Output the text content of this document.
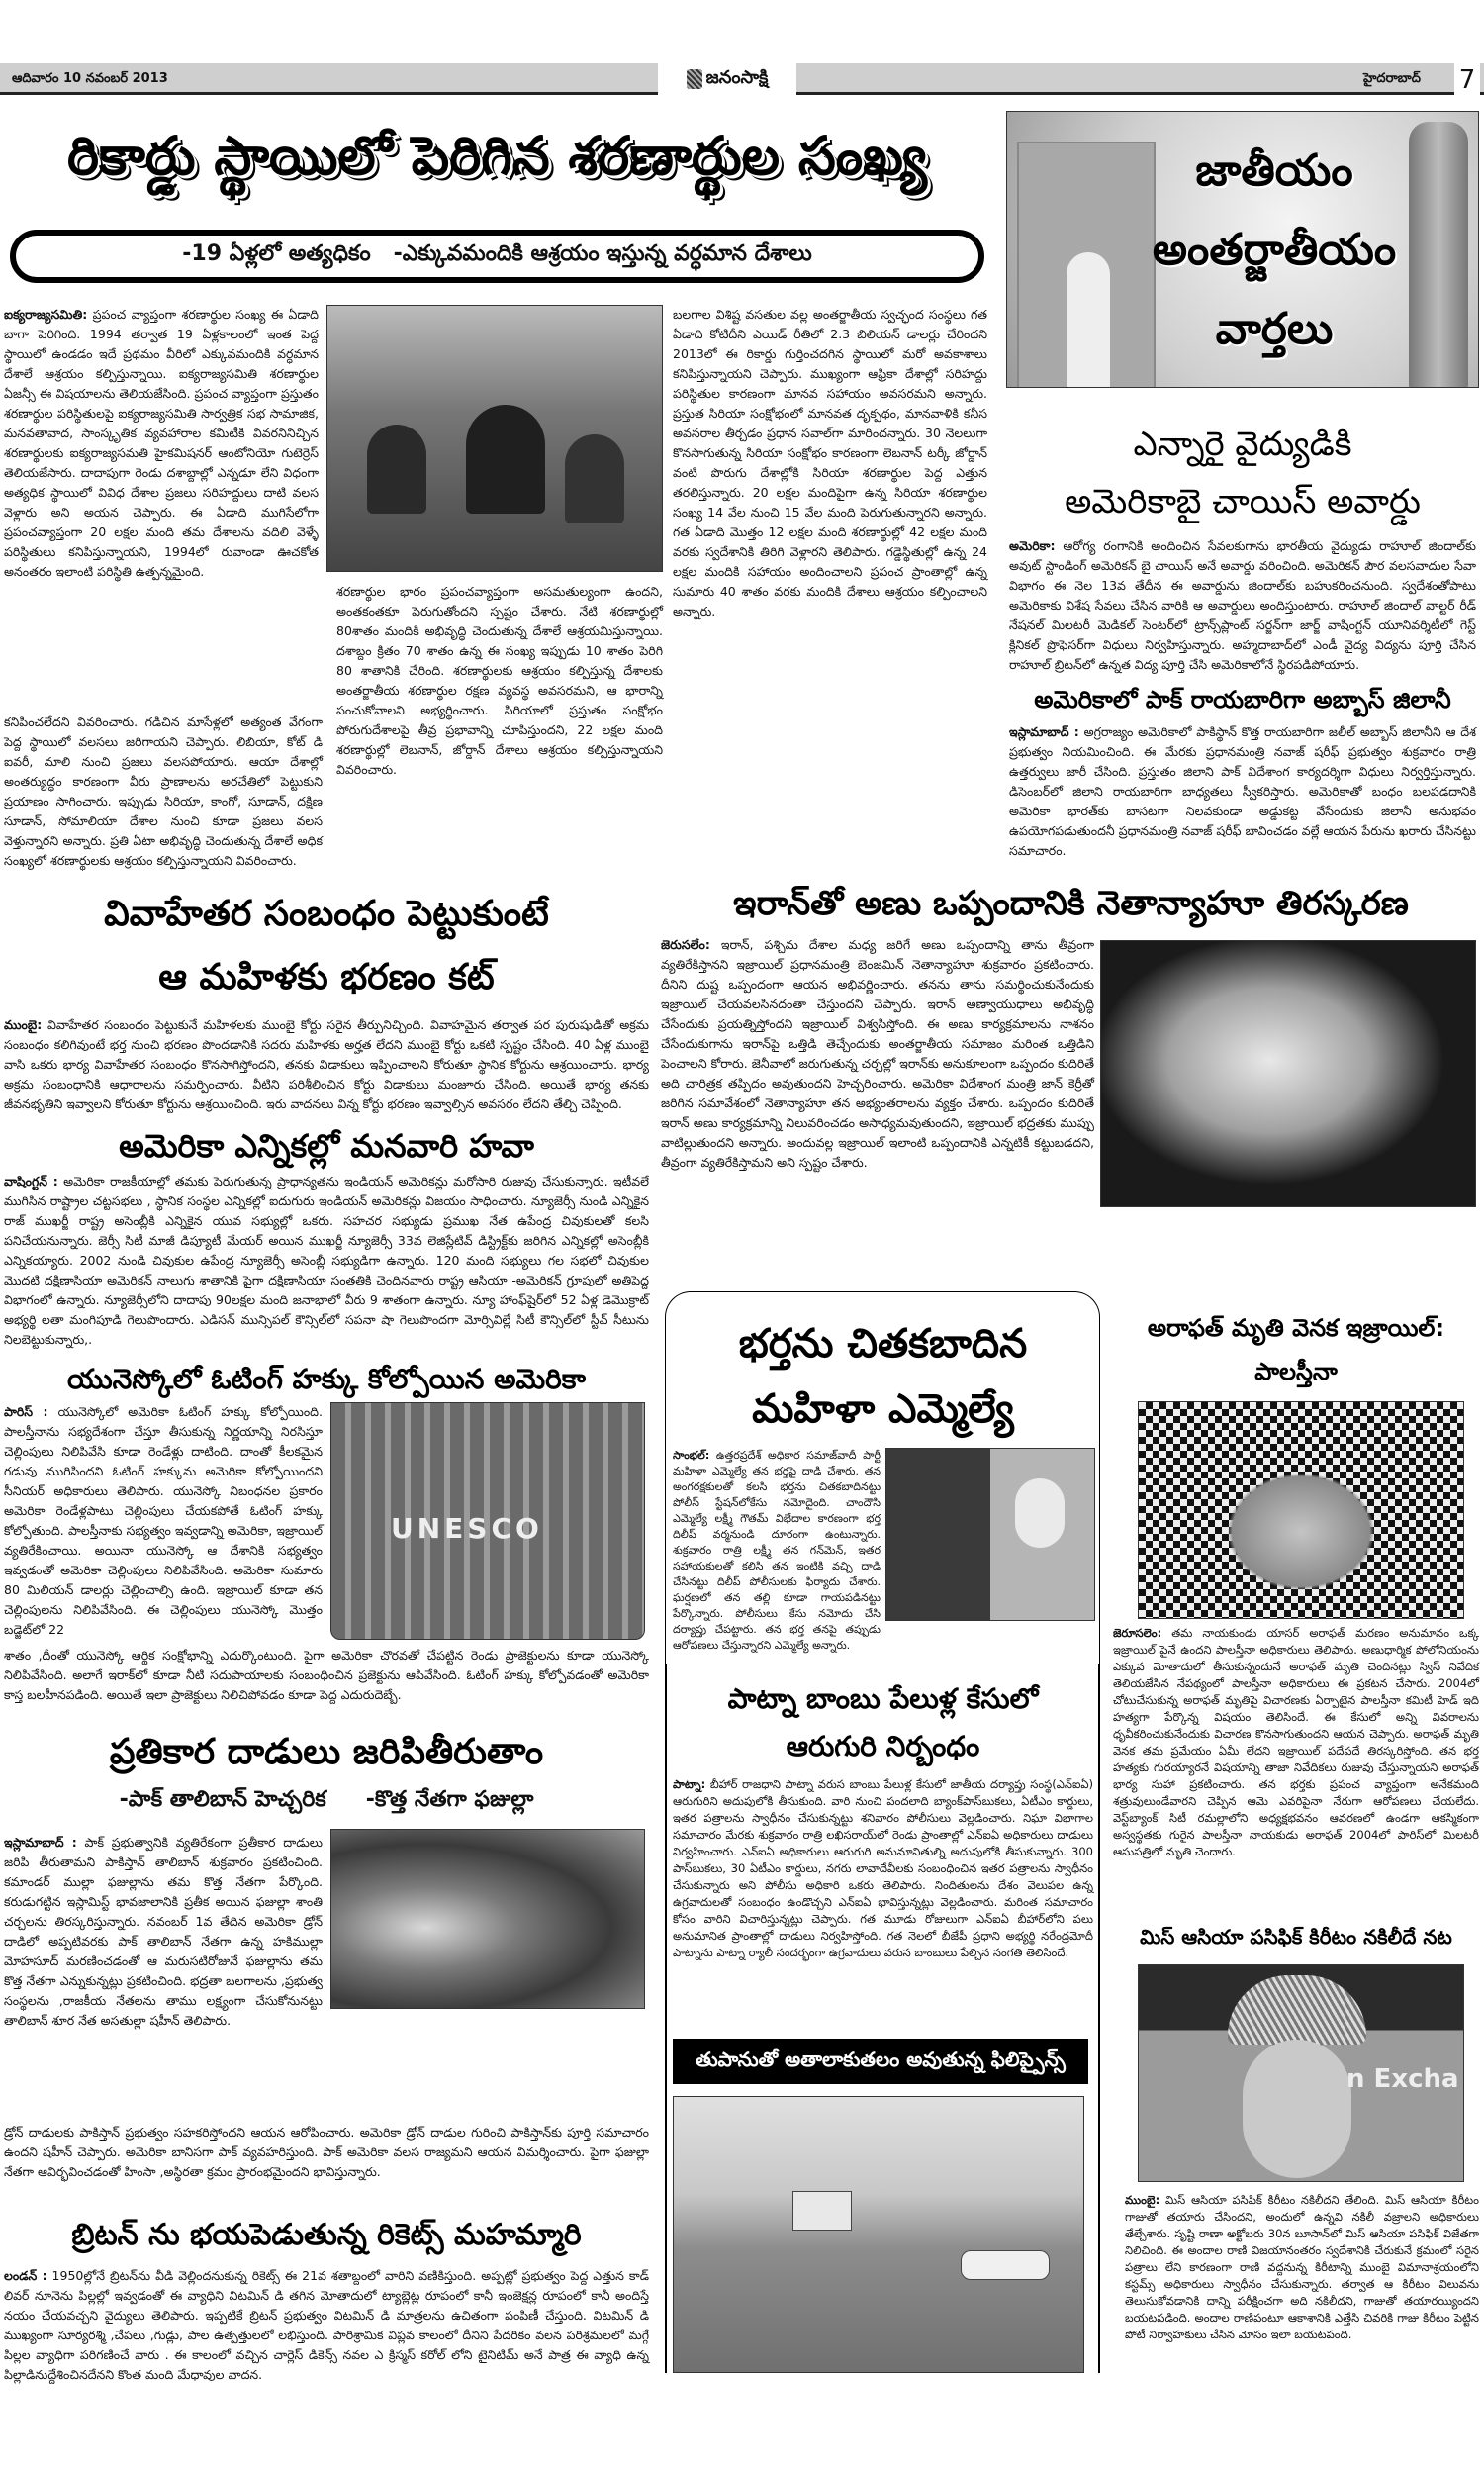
ఆదివారం 10 నవంబర్ 2013	జనంసాక్షి	హైదరాబాద్ 7
రికార్డు స్థాయిలో పెరిగిన శరణార్థుల సంఖ్య
-19 ఏళ్లలో అత్యధికం   -ఎక్కువమందికి ఆశ్రయం ఇస్తున్న వర్ధమాన దేశాలు
ఐక్యరాజ్యసమితి: ప్రపంచ వ్యాప్తంగా శరణార్థుల సంఖ్య ఈ ఏడాది బాగా పెరిగింది. 1994 తర్వాత 19 ఏళ్లకాలంలో ఇంత పెద్ద స్థాయిలో ఉండడం ఇదే ప్రథమం వీరిలో ఎక్కువమందికి వర్ధమాన దేశాలే ఆశ్రయం కల్పిస్తున్నాయి. ఐక్యరాజ్యసమితి శరణార్థుల ఏజన్సీ ఈ విషయాలను తెలియజేసింది. ప్రపంచ వ్యాప్తంగా ప్రస్తుతం శరణార్థుల పరిస్థితులపై ఐక్యరాజ్యసమితి సార్వత్రిక సభ సామాజిక, మనవతావాద, సాంస్కృతిక వ్యవహారాల కమిటీకి వివరనినిచ్చిన శరణార్థులకు ఐక్యరాజ్యసమతి హైకమిషనర్ ఆంటోనియో గుటెర్రెస్ తెలియజేసారు. దాదాపుగా రెండు దశాబ్దాల్లో ఎన్నడూ లేని విధంగా అత్యధిక స్థాయిలో వివిధ దేశాల ప్రజలు సరిహద్దులు దాటి వలస వెళ్లారు అని అయన చెప్పారు. ఈ ఏడాది ముగిసేలోగా ప్రపంచవ్యాప్తంగా 20 లక్షల మంది తమ దేశాలను వదిలి వెళ్ళే పరిస్థితులు కనిపిస్తున్నాయని, 1994లో రువాండా ఊచకోత అనంతరం ఇలాంటి పరిస్థితి ఉత్పన్నమైంది.
కనిపించలేదని వివరించారు. గడిచిన మాసేళ్లలో అత్యంత వేగంగా పెద్ద స్థాయిలో వలసలు జరిగాయని చెప్పారు. లిబియా, కోట్ డి ఐవరీ, మాలి నుంచి ప్రజలు వలసపోయారు. ఆయా దేశాల్లో అంతర్యుద్ధం కారణంగా వీరు ప్రాణాలను అరచేతిలో పెట్టుకుని ప్రయాణం సాగించారు. ఇప్పుడు సిరియా, కాంగో, సూడాన్, దక్షిణ సూడాన్, సోమాలియా దేశాల నుంచి కూడా ప్రజలు వలస వెళ్తున్నారని అన్నారు. ప్రతి ఏటా అభివృద్ధి చెందుతున్న దేశాలే అధిక సంఖ్యలో శరణార్థులకు ఆశ్రయం కల్పిస్తున్నాయని వివరించారు.
శరణార్థుల భారం ప్రపంచవ్యాప్తంగా అసమతుల్యంగా ఉందని, అంతకంతకూ పెరుగుతోందని స్పష్టం చేశారు. నేటి శరణార్థుల్లో 80శాతం మందికి అభివృద్ధి చెందుతున్న దేశాలే ఆశ్రయమిస్తున్నాయి. దశాబ్దం క్రితం 70 శాతం ఉన్న ఈ సంఖ్య ఇప్పుడు 10 శాతం పెరిగి 80 శాతానికి చేరింది. శరణార్థులకు ఆశ్రయం కల్పిస్తున్న దేశాలకు అంతర్జాతీయ శరణార్థుల రక్షణ వ్యవస్థ అవసరమని, ఆ భారాన్ని పంచుకోవాలని అభ్యర్థించారు. సిరియాలో ప్రస్తుతం సంక్షోభం పోరుగుదేశాలపై తీవ్ర ప్రభావాన్ని చూపిస్తుందని, 22 లక్షల మంది శరణార్థుల్లో లెబనాన్, జోర్డాన్ దేశాలు ఆశ్రయం కల్పిస్తున్నాయని వివరించారు.
బలగాల విశిష్ట వసతుల వల్ల అంతర్జాతీయ స్వచ్ఛంద సంస్థలు గత ఏడాది కోటిదీని ఎయిడ్ రీతిలో 2.3 బిలియన్ డాలర్లు చేరిందని 2013లో ఈ రికార్డు గుర్తించదగిన స్థాయిలో మరో అవకాశాలు కనిపిస్తున్నాయని చెప్పారు. ముఖ్యంగా ఆఫ్రికా దేశాల్లో సరిహద్దు పరిస్థితుల కారణంగా మానవ సహాయం అవసరమని అన్నారు. ప్రస్తుత సిరియా సంక్షోభంలో మానవత దృక్పథం, మానవాళికి కనీస అవసరాల తీర్చడం ప్రధాన సవాల్‌గా మారిందన్నారు. 30 నెలలుగా కొనసాగుతున్న సిరియా సంక్షోభం కారణంగా లెబనాన్ టర్కీ జోర్డాన్ వంటి పొరుగు దేశాల్లోకి సిరియా శరణార్థుల పెద్ద ఎత్తున తరలిస్తున్నారు. 20 లక్షల మందిపైగా ఉన్న సిరియా శరణార్థుల సంఖ్య 14 వేల నుంచి 15 వేల మంది పెరుగుతున్నారని అన్నారు. గత ఏడాది మొత్తం 12 లక్షల మంది శరణార్థుల్లో 42 లక్షల మంది వరకు స్వదేశానికి తిరిగి వెళ్లారని తెలిపారు. గడ్డెస్థితుల్లో ఉన్న 24 లక్షల మందికి సహాయం అందించాలని ప్రపంచ ప్రాంతాల్లో ఉన్న సుమారు 40 శాతం వరకు మందికి దేశాలు ఆశ్రయం కల్పించాలని అన్నారు.
జాతీయం
అంతర్జాతీయం
వార్తలు
ఎన్నారై వైద్యుడికి
అమెరికాబై చాయిస్ అవార్డు
అమెరికా: ఆరోగ్య రంగానికి అందించిన సేవలకుగాను భారతీయ వైద్యుడు రాహూల్ జిందాల్‌కు అవుట్ స్టాండింగ్ అమెరికన్ బై చాయిస్ అనే అవార్డు వరించింది. అమెరికన్ పౌర వలసవాదుల సేవా విభాగం ఈ నెల 13వ తేదీన ఈ అవార్డును జిందాల్‌కు బహుకరించనుంది. స్వదేశంతోపాటు అమెరికాకు విశేష సేవలు చేసిన వారికి ఆ అవార్డులు అందిస్తుంటారు. రాహూల్ జిందాల్ వాల్టర్ రీడ్ నేషనల్ మిలటరీ మెడికల్ సెంటర్‌లో ట్రాన్స్‌ప్లాంట్ సర్జన్‌గా జార్జ్ వాషింగ్టన్ యూనివర్శిటీలో గెస్ట్ క్లినికల్ ప్రొఫెసర్‌గా విధులు నిర్వహిస్తున్నారు. అహ్మదాబాద్‌లో ఎండీ వైద్య విద్యను పూర్తి చేసిన రాహూల్ బ్రిటన్‌లో ఉన్నత విద్య పూర్తి చేసి అమెరికాలోనే స్థిరపడిపోయారు.
అమెరికాలో పాక్ రాయబారిగా అబ్బాస్ జిలానీ
ఇస్లామాబాద్ : అగ్రరాజ్యం అమెరికాలో పాకిస్థాన్ కొత్త రాయబారిగా జలీల్ అబ్బాస్ జిలానీని ఆ దేశ ప్రభుత్వం నియమించింది. ఈ మేరకు ప్రధానమంత్రి నవాజ్ షరీఫ్ ప్రభుత్వం శుక్రవారం రాత్రి ఉత్తర్వులు జారీ చేసింది. ప్రస్తుతం జిలాని పాక్ విదేశాంగ కార్యదర్శిగా విధులు నిర్వర్తిస్తున్నారు. డిసెంబర్‌లో జిలాని రాయబారిగా బాధ్యతలు స్వీకరిస్తారు. అమెరికాతో బంధం బలపడదానికి అమెరికా భారత్‌కు బాసటగా నిలవకుండా అడ్డుకట్ట వేసేందుకు జిలానీ అనుభవం ఉపయోగపడుతుందనీ ప్రధానమంత్రి నవాజ్ షరీఫ్ బావించడం వల్లే ఆయన పేరును ఖరారు చేసినట్టు సమాచారం.
వివాహేతర సంబంధం పెట్టుకుంటే
ఆ మహిళకు భరణం కట్
ముంబై: వివాహేతర సంబంధం పెట్టుకునే మహిళలకు ముంబై కోర్టు సరైన తీర్పునిచ్చింది. వివాహమైన తర్వాత పర పురుషుడితో అక్రమ సంబంధం కలిగివుంటే భర్త నుంచి భరణం పొందడానికి సదరు మహిళకు అర్హత లేదని ముంబై కోర్టు ఒకటి స్పష్టం చేసింది. 40 ఏళ్ల ముంబై వాసి ఒకరు భార్య వివాహేతర సంబంధం కొనసాగిస్తోందని, తనకు విడాకులు ఇప్పించాలని కోరుతూ స్థానిక కోర్టును ఆశ్రయించారు. భార్య అక్రమ సంబంధానికి ఆధారాలను సమర్పించారు. వీటిని పరిశీలించిన కోర్టు విడాకులు మంజూరు చేసింది. అయితే భార్య తనకు జీవనభృతిని ఇవ్వాలని కోరుతూ కోర్టును ఆశ్రయించింది. ఇరు వాదనలు విన్న కోర్టు భరణం ఇవ్వాల్సిన అవసరం లేదని తేల్చి చెప్పింది.
ఇరాన్‌తో అణు ఒప్పందానికి నెతాన్యాహూ తిరస్కరణ
జెరుసలేం: ఇరాన్, పశ్చిమ దేశాల మధ్య జరిగే అణు ఒప్పందాన్ని తాను తీవ్రంగా వ్యతిరేకిస్తానని ఇజ్రాయిల్ ప్రధానమంత్రి బెంజమిన్ నెతాన్యాహూ శుక్రవారం ప్రకటించారు. దీనిని దుష్ట ఒప్పందంగా ఆయన అభివర్ణించారు. తనను తాను సమర్థించుకునేందుకు ఇజ్రాయిల్ చేయవలసినదంతా చేస్తుందని చెప్పారు. ఇరాన్ అణ్వాయుధాలు అభివృద్ధి చేసేందుకు ప్రయత్నిస్తోందని ఇజ్రాయిల్ విశ్వసిస్తోంది. ఈ అణు కార్యక్రమాలను నాశనం చేసేందుకుగాను ఇరాన్‌పై ఒత్తిడి తెచ్చేందుకు అంతర్జాతీయ సమాజం మరింత ఒత్తిడిని పెంచాలని కోరారు. జెనీవాలో జరుగుతున్న చర్చల్లో ఇరాన్‌కు అనుకూలంగా ఒప్పందం కుదిరితే అది చారిత్రక తప్పిదం అవుతుందని హెచ్చరించారు. అమెరికా విదేశాంగ మంత్రి జాన్ కెర్రీతో జరిగిన సమావేశంలో నెతాన్యాహూ తన అభ్యంతరాలను వ్యక్తం చేశారు. ఒప్పందం కుదిరితే ఇరాన్ అణు కార్యక్రమాన్ని నిలువరించడం అసాధ్యమవుతుందని, ఇజ్రాయిల్ భద్రతకు ముప్పు వాటిల్లుతుందని అన్నారు. అందువల్ల ఇజ్రాయిల్ ఇలాంటి ఒప్పందానికి ఎన్నటికీ కట్టుబడదని, తీవ్రంగా వ్యతిరేకిస్తామని అని స్పష్టం చేశారు.
అమెరికా ఎన్నికల్లో మనవారి హవా
వాషింగ్టన్ : అమెరికా రాజకీయాల్లో తమకు పెరుగుతున్న ప్రాధాన్యతను ఇండియన్ అమెరికన్లు మరోసారి రుజువు చేసుకున్నారు. ఇటీవలే ముగిసిన రాష్ట్రాల చట్టసభలు , స్థానిక సంస్థల ఎన్నికల్లో ఐదుగురు ఇండియన్ అమెరికన్లు విజయం సాధించారు. న్యూజెర్సీ నుండి ఎన్నికైన రాజ్ ముఖర్జీ రాష్ట్ర అసెంబ్లీకి ఎన్నికైన యువ సభ్యుల్లో ఒకరు. సహచర సభ్యుడు ప్రముఖ నేత ఉపేంద్ర చివుకులతో కలసి పనిచేయనున్నారు. జెర్సీ సిటీ మాజీ డిప్యూటీ మేయర్ అయిన ముఖర్జీ న్యూజెర్సీ 33వ లెజిస్లేటివ్ డిస్ట్రిక్ట్‌కు జరిగిన ఎన్నికల్లో అసెంబ్లీకి ఎన్నికయ్యారు. 2002 నుండి చివుకుల ఉపేంద్ర న్యూజెర్సీ అసెంబ్లీ సభ్యుడిగా ఉన్నారు. 120 మంది సభ్యులు గల సభలో చివుకుల మొదటి దక్షిణాసియా అమెరికన్ నాలుగు శాతానికి పైగా దక్షిణాసియా సంతతికి చెందినవారు రాష్ట్ర ఆసియా -అమెరికన్ గ్రూపులో అతిపెద్ద విభాగంలో ఉన్నారు. న్యూజెర్సీలోని దాదాపు 90లక్షల మంది జనాభాలో వీరు 9 శాతంగా ఉన్నారు. న్యూ హాంఫ్‌షైర్‌లో 52 ఏళ్ల డెమొక్రాట్ అభ్యర్థి లతా మంగిపూడి గెలుపొందారు. ఎడిసన్ మున్సిపల్ కౌన్సిల్‌లో సపనా షా గెలుపొందగా మోర్సివిల్లే సిటీ కౌన్సిల్‌లో స్టీవ్ సీటును నిలబెట్టుకున్నారు,.
యునెస్కోలో ఓటింగ్ హక్కు కోల్పోయిన అమెరికా
పారిస్ : యునెస్కోలో అమెరికా ఓటింగ్ హక్కు కోల్పోయింది. పాలస్తీనాను సభ్యదేశంగా చేస్తూ తీసుకున్న నిర్ణయాన్ని నిరసిస్తూ చెల్లింపులు నిలిపివేసి కూడా రెండేళ్లు దాటింది. దాంతో కీలకమైన గడువు ముగిసిందని ఓటింగ్ హక్కును అమెరికా కోల్పోయిందని సీనియర్ అధికారులు తెలిపారు. యునెస్కో నిబంధనల ప్రకారం అమెరికా రెండేళ్లపాటు చెల్లింపులు చేయకపోతే ఓటింగ్ హక్కు కోల్పోతుంది. పాలస్తీనాకు సభ్యత్వం ఇవ్వడాన్ని అమెరికా, ఇజ్రాయిల్ వ్యతిరేకించాయి. అయినా యునెస్కో ఆ దేశానికి సభ్యత్వం ఇవ్వడంతో అమెరికా చెల్లింపులు నిలిపివేసింది. అమెరికా సుమారు 80 మిలియన్ డాలర్లు చెల్లించాల్సి ఉంది. ఇజ్రాయిల్ కూడా తన చెల్లింపులను నిలిపివేసింది. ఈ చెల్లింపులు యునెస్కో మొత్తం బడ్జెట్‌లో 22
UNESCO
శాతం ,దీంతో యునెస్కో ఆర్థిక సంక్షోభాన్ని ఎదుర్కొంటుంది. పైగా అమెరికా చొరవతో చేపట్టిన రెండు ప్రాజెక్టులను కూడా యునెస్కో నిలిపివేసింది. అలాగే ఇరాక్‌లో కూడా నీటి సదుపాయాలకు సంబంధించిన ప్రజెక్టును ఆపివేసింది. ఓటింగ్ హక్కు కోల్పోవడంతో అమెరికా కాస్త బలహీనపడింది. అయితే ఇలా ప్రాజెక్టులు నిలిచిపోవడం కూడా పెద్ద ఎదురుదెబ్బే.
భర్తను చితకబాదిన
మహిళా ఎమ్మెల్యే
సాంభల్: ఉత్తరప్రదేశ్ అధికార సమాజ్‌వాదీ పార్టీ మహిళా ఎమ్మెల్యే తన భర్తపై దాడి చేశారు. తన అంగరక్షకులతో కలసి భర్తను చితకబాదినట్టు పోలీస్ స్టేషన్‌లోకేసు నమోదైంది. చాందౌసి ఎమ్మెల్యే లక్ష్మీ గౌతమ్ విభేదాల కారణంగా భర్త దిలీప్ వర్మనుండి దూరంగా ఉంటున్నారు. శుక్రవారం రాత్రి లక్ష్మీ తన గన్‌మెన్, ఇతర సహాయకులతో కలిసి తన ఇంటికి వచ్చి దాడి చేసినట్టు దిలీప్ పోలీసులకు ఫిర్యాదు చేశారు. ఘర్షణలో తన తల్లి కూడా గాయపడినట్టు పేర్కొన్నారు. పోలీసులు కేసు నమోదు చేసి దర్యాప్తు చేపట్టారు. తన భర్త తనపై తప్పుడు ఆరోపణలు చేస్తున్నారని ఎమ్మెల్యే అన్నారు.
అరాఫత్ మృతి వెనక ఇజ్రాయిల్:
పాలస్తీనా
జెరూసలెం: తమ నాయకుండు యాసర్ అరాఫత్ మరణం అనుమానం ఒక్క ఇజ్రాయిల్ పైనే ఉందని పాలస్తీనా అధికారులు తెలిపారు. అణుధార్మిక పోలోనియంను ఎక్కువ మోతాదులో తీసుకున్నందునే అరాఫత్ మృతి చెందినట్లు స్విస్ నివేదిక తెలియజేసిన నేపథ్యంలో పాలస్తీనా అధికారులు ఈ ప్రకటన చేసారు. 2004లో చోటుచేసుకున్న అరాఫత్ మృతిపై విచారణకు ఏర్పాటైన పాలస్తీనా కమిటీ హెడ్ ఇది హత్యగా పేర్కొన్న విషయం తెలిసిందే. ఈ కేసులో అన్ని వివరాలను ధృవీకరించుకునేందుకు విచారణ కొనసాగుతుందని ఆయన చెప్పారు. అరాఫత్ మృతి వెనక తమ ప్రమేయం ఏమీ లేదని ఇజ్రాయిల్ పదేపదే తిరస్కరిస్తోంది. తన భర్త హత్యకు గురయ్యారనే విషయాన్ని తాజా నివేదికలు రుజువు చేస్తున్నాయని అరాఫత్ భార్య సుహా ప్రకటించారు. తన భర్తకు ప్రపంచ వ్యాప్తంగా అనేకమంది శత్రువులుండేవారని చెప్పిన ఆమె ఎవరిపైనా నేరుగా ఆరోపణలు చేయలేదు. వెస్ట్‌బ్యాంక్ సిటీ రమల్లాలోని అధ్యక్షభవనం ఆవరణలో ఉండగా ఆకస్మికంగా అస్వస్థతకు గురైన పాలస్తీనా నాయకుడు అరాఫత్ 2004లో పారిస్‌లో మిలటరీ ఆసుపత్రిలో మృతి చెందారు.
పాట్నా బాంబు పేలుళ్ల కేసులో
ఆరుగురి నిర్బంధం
పాట్నా: బీహార్ రాజధాని పాట్నా వరుస బాంబు పేలుళ్ల కేసులో జాతీయ దర్యాప్తు సంస్థ(ఎన్ఐఏ) ఆరుగురిని అదుపులోకి తీసుకుంది. వారి నుంచి పందలాది బ్యాంక్‌పాస్‌బుకలు, ఏటీఎం కార్డులు, ఇతర పత్రాలను స్వాధీనం చేసుకున్నట్టు శనివారం పోలీసులు వెల్లడించారు. నిఘా విభాగాల సమాచారం మేరకు శుక్రవారం రాత్రి లఖిసరాయ్‌లో రెండు ప్రాంతాల్లో ఎన్ఐఏ అధికారులు దాడులు నిర్వహించారు. ఎన్ఐఏ అధికారులు ఆరుగురి అనుమానితుల్ని అదుపులోకి తీసుకున్నారు. 300 పాస్‌బుకలు, 30 ఏటీఎం కార్డులు, నగరు లావాదేవీలకు సంబంధించిన ఇతర పత్రాలను స్వాధీనం చేసుకున్నారు అని పోలీసు అధికారి ఒకరు తెలిపారు. నిందితులను దేశం వెలుపల ఉన్న ఉగ్రవాదులతో సంబంధం ఉండొచ్చని ఎన్ఐఏ భావిస్తున్నట్లు వెల్లడించారు. మరింత సమాచారం కోసం వారిని విచారిస్తున్నట్లు చెప్పారు. గత మూడు రోజులుగా ఎన్ఐఏ బీహార్‌లోని పలు అనుమానిత ప్రాంతాల్లో దాడులు నిర్వహిస్తోంది. గత నెలలో బీజేపీ ప్రధాని అభ్యర్థి నరేంద్రమోదీ పాట్నాను పాట్నా ర్యాలీ సందర్భంగా ఉగ్రవాదులు వరుస బాంబులు పేల్చిన సంగతి తెలిసిందే.
తుపానుతో అతాలాకుతలం అవుతున్న ఫిలిప్పైన్స్
ప్రతికార దాడులు జరిపితీరుతాం
-పాక్ తాలిబాన్ హెచ్చరిక -కొత్త నేతగా ఫజుల్లా
ఇస్లామాబాద్ : పాక్ ప్రభుత్వానికి వ్యతిరేకంగా ప్రతీకార దాడులు జరిపి తీరుతామని పాకిస్తాన్ తాలిబాన్ శుక్రవారం ప్రకటించింది. కమాండర్ ముల్లా ఫజుల్లాను తమ కొత్త నేతగా పేర్కొంది. కరుడుగట్టిన ఇస్లామిస్ట్ భావజాలానికి ప్రతీక అయిన ఫజుల్లా శాంతి చర్చలను తిరస్కరిస్తున్నారు. నవంబర్ 1వ తేదిన అమెరికా డ్రోన్ దాడిలో అప్పటివరకు పాక్ తాలిబాన్ నేతగా ఉన్న హకిముల్లా మోహసూద్ మరణించడంతో ఆ మరుసటిరోజునే ఫజుల్లాను తమ కొత్త నేతగా ఎన్నుకున్నట్లు ప్రకటించింది. భద్రతా బలగాలను ,ప్రభుత్వ సంస్థలను ,రాజకీయ నేతలను తాము లక్ష్యంగా చేసుకోనునట్టు తాలిబాన్ శూర నేత అసతుల్లా షహీన్ తెలిపారు.
డ్రోన్ దాడులకు పాకిస్తాన్ ప్రభుత్వం సహకరిస్తోందని ఆయన ఆరోపించారు. అమెరికా డ్రోన్ దాడుల గురించి పాకిస్తాన్‌కు పూర్తి సమాచారం ఉందని షహీన్ చెప్పారు. అమెరికా బానిసగా పాక్ వ్యవహరిస్తుంది. పాక్ అమెరికా వలస రాజ్యమని ఆయన విమర్శించారు. పైగా ఫజుల్లా నేతగా ఆవిర్భవించడంతో హింసా ,అస్థిరతా క్రమం ప్రారంభమైందని భావిస్తున్నారు.
బ్రిటన్ ను భయపెడుతున్న రికెట్స్ మహమ్మారి
లండన్ : 1950ల్లోనే బ్రిటన్‌ను వీడి వెల్లిందనుకున్న రికెట్స్ ఈ 21వ శతాబ్దంలో వారిని వణికిస్తుంది. అప్పట్లో ప్రభుత్వం పెద్ద ఎత్తున కాడ్ లివర్ నూనెను పిల్లల్లో ఇవ్వడంతో ఈ వ్యాధిని విటమిన్ డి తగిన మోతాదులో ట్యాబ్లెట్ల రూపంలో కానీ ఇంజెక్షన్ల రూపంలో కానీ అందిస్తే నయం చేయవచ్చని వైద్యులు తెలిపారు. ఇప్పటికే బ్రిటన్ ప్రభుత్వం విటమిన్ డి మాత్రలను ఉచితంగా పంపిణీ చేస్తుంది. విటమిన్ డి ముఖ్యంగా సూర్యరశ్మి ,చేపలు ,గుడ్లు, పాల ఉత్పత్తులలో లభిస్తుంది. పారిశ్రామిక విప్లవ కాలంలో దీనిని పేదరికం వలన పరిశ్రమలలో మగ్గే పిల్లల వ్యాధిగా పరిగణించే వారు . ఈ కాలంలో వచ్చిన చార్లెస్ డికెన్స్ నవల ఎ క్రిస్మస్ కరోల్ లోని టైనిటిమ్ అనే పాత్ర ఈ వ్యాధి ఉన్న పిల్లాడినుద్దేశించినదేనని కొంత మంది మేధావుల వాదన.
మిస్ ఆసియా పసిఫిక్ కిరీటం నకిలీదే నట
n Excha
ముంబై: మిస్ ఆసియా పసిఫిక్ కిరీటం నకిలీదని తేలింది. మిస్ ఆసియా కిరీటం గాజుతో తయారు చేసిందని, అందులో ఉన్నవి నకిలీ వజ్రాలని అధికారులు తేల్చేశారు. సృష్టి రాణా అక్టోబరు 30న బూసాన్‌లో మిస్ ఆసియా పసిఫిక్ విజేతగా నిలిచింది. ఈ అందాల రాణి విజయానంతరం స్వదేశానికి చేరుకునే క్రమంలో సరైన పత్రాలు లేని కారణంగా రాణి వద్దనున్న కిరీటాన్ని ముంబై విమానాశ్రయంలోని కస్టమ్స్ అధికారులు స్వాధీనం చేసుకున్నారు. తర్వాత ఆ కిరీటం విలువను తెలుసుకోవడానికి దాన్ని పరీక్షించగా అది నకిలీదని, గాజుతో తయారయ్యిందని బయటపడింది. అందాల రాణిపంటూ ఆకాశానికి ఎత్తేసి చివరికి గాజు కిరీటం పెట్టిన పోటీ నిర్వాహకులు చేసిన మోసం ఇలా బయటపంది.
